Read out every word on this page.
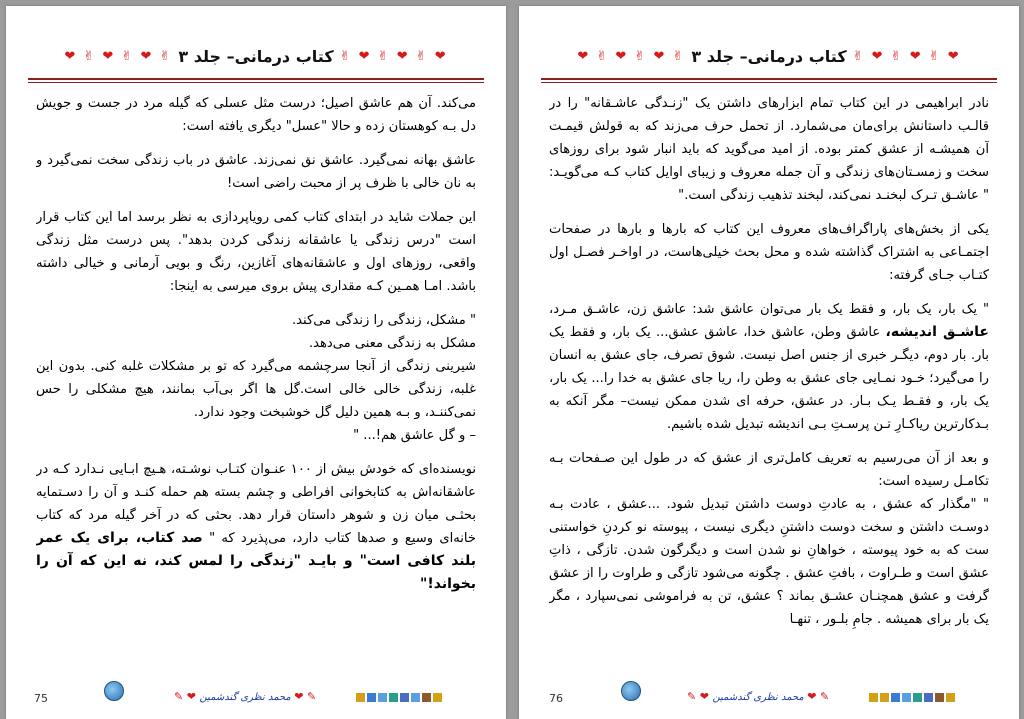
❤ ✌ ❤ ✌ ❤ ✌
کتاب درمانی– جلد ۳
✌ ❤ ✌ ❤ ✌ ❤

می‌کند. آن هم عاشق اصیل؛ درست مثل عسلی که گیله مرد در جست و جویش دل بـه کوهستان زده و حالا "عسل" دیگری یافته است:

عاشق بهانه نمی‌گیرد. عاشق نق نمی‌زند. عاشق در باب زندگی سخت نمی‌گیرد و به نان خالی با ظرف پر از محبت راضی است!

این جملات شاید در ابتدای کتاب کمی رویاپردازی به نظر برسد اما این کتاب قرار است "درس زندگی یا عاشقانه زندگی کردن بدهد". پس درست مثل زندگی واقعی، روزهای اول و عاشقانه‌های آغازین، رنگ و بویی آرمانی و خیالی داشته باشد. امـا همـین کـه مقداری پیش بروی میرسی به اینجا:

" مشکل، زندگی را زندگی می‌کند.

مشکل به زندگی معنی می‌دهد.

شیرینی زندگی از آنجا سرچشمه می‌گیرد که تو بر مشکلات غلبه کنی. بدون این غلبه، زندگی خالی خالی است.گل ها اگر بی‌آب بمانند، هیچ مشکلی را حس نمی‌کننـد، و بـه همین دلیل گل خوشبخت وجود ندارد.

– و گل عاشق هم!... "

نویسنده‌ای که خودش بیش از ۱۰۰ عنـوان کتـاب نوشـته، هـیچ ابـایی نـدارد کـه در عاشقانه‌اش به کتابخوانی افراطی و چشم بسته هم حمله کنـد و آن را دسـتمایه بحثـی میان زن و شوهر داستان قرار دهد. بحثی که در آخر گیله مرد که کتاب خانه‌ای وسیع و صدها کتاب دارد، می‌پذیرد که " صد کتاب، برای یک عمر بلند کافی است" و بایـد "زندگی را لمس کند، نه این که آن را بخواند!"

75	✎ ❤ محمد نظری گندشمین ❤ ✎
❤ ✌ ❤ ✌ ❤ ✌
کتاب درمانی– جلد ۳
✌ ❤ ✌ ❤ ✌ ❤

نادر ابراهیمی در این کتاب تمام ابزارهای داشتن یک "زنـدگی عاشـقانه" را در قالـب داستانش برای‌مان می‌شمارد. از تحمل حرف می‌زند که به قولش قیمـت آن همیشـه از عشق کمتر بوده. از امید می‌گوید که باید انبار شود برای روزهای سخت و زمسـتان‌های زندگی و آن جمله معروف و زیبای اوایل کتاب کـه می‌گویـد: " عاشـق تـرک لبخنـد نمی‌کند، لبخند تذهیب زندگی است."

یکی از بخش‌های پاراگراف‌های معروف این کتاب که بارها و بارها در صفحات اجتمـاعی به اشتراک گذاشته شده و محل بحث خیلی‌هاست، در اواخـر فصـل اول کتـاب جـای گرفته:

" یک بار، یک بار، و فقط یک بار می‌توان عاشق شد: عاشق زن، عاشـق مـرد، عاشـق اندیشه، عاشق وطن، عاشق خدا، عاشق عشق... یک بار، و فقط یک بار. بار دوم، دیگـر خبری از جنس اصل نیست. شوق تصرف، جای عشق به انسان را می‌گیرد؛ خـود نمـایی جای عشق به وطن را، ریا جای عشق به خدا را... یک بار، یک بار، و فقـط یـک بـار. در عشق، حرفه ای شدن ممکن نیست– مگر آنکه به بـدکارترین ریاکـارِ تـن پرسـتِ بـی اندیشه تبدیل شده باشیم.

و بعد از آن می‌رسیم به تعریف کامل‌تری از عشق که در طول این صـفحات بـه تکامـل رسیده است:

" "مگذار که عشق ، به عادتِ دوست داشتن تبدیل شود. ...عشق ، عادت بـه دوسـت داشتن و سخت دوست داشتنِ دیگری نیست ، پیوسته نو کردنِ خواستنی ست که به خود پیوسته ، خواهانِ نو شدن است و دیگرگون شدن. تازگی ، ذاتِ عشق است و طـراوت ، بافتِ عشق . چگونه می‌شود تازگی و طراوت را از عشق گرفت و عشق همچنـان عشـق بماند ؟ عشق، تن به فراموشی نمی‌سپارد ، مگر یک بار برای همیشه . جامِ بلـور ، تنهـا

76	✎ ❤ محمد نظری گندشمین ❤ ✎
